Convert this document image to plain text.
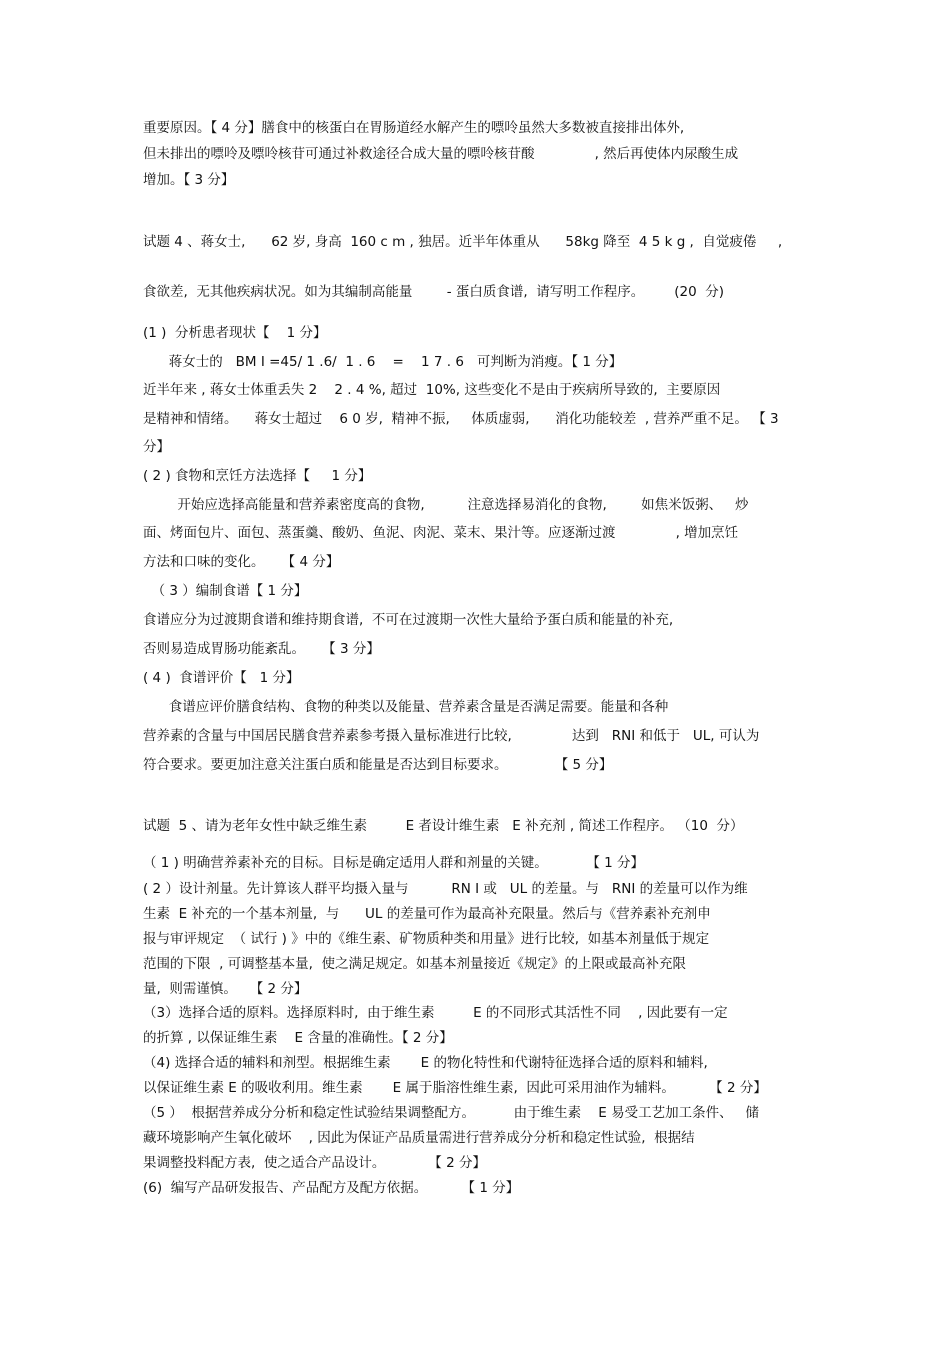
重要原因。【 4 分】膳食中的核蛋白在胃肠道经水解产生的嘌呤虽然大多数被直接排出体外,
但未排出的嘌呤及嘌呤核苷可通过补救途径合成大量的嘌呤核苷酸              , 然后再使体内尿酸生成
增加。【 3 分】
试题 4 、蒋女士,      62 岁, 身高  160 c m , 独居。近半年体重从      58kg 降至  4 5 k g ,  自觉疲倦     ,
食欲差,  无其他疾病状况。如为其编制高能量        - 蛋白质食谱,  请写明工作程序。       (20  分)
(1 )  分析患者现状【    1 分】
蒋女士的   BM I =45/ 1 .6/  1 . 6    =    1 7 . 6   可判断为消瘦。【 1 分】
近半年来 , 蒋女士体重丢失 2    2 . 4 %, 超过  10%, 这些变化不是由于疾病所导致的,  主要原因
是精神和情绪。    蒋女士超过    6 0 岁,  精神不振,     体质虚弱,      消化功能较差  , 营养严重不足。 【 3
分】
( 2 ) 食物和烹饪方法选择【     1 分】
开始应选择高能量和营养素密度高的食物,          注意选择易消化的食物,        如焦米饭粥、   炒
面、烤面包片、面包、蒸蛋羹、酸奶、鱼泥、肉泥、菜末、果汁等。应逐渐过渡              , 增加烹饪
方法和口味的变化。    【 4 分】
（ 3 ）编制食谱【 1 分】
食谱应分为过渡期食谱和维持期食谱,  不可在过渡期一次性大量给予蛋白质和能量的补充,
否则易造成胃肠功能紊乱。    【 3 分】
( 4 )  食谱评价【   1 分】
食谱应评价膳食结构、食物的种类以及能量、营养素含量是否满足需要。能量和各种
营养素的含量与中国居民膳食营养素参考摄入量标准进行比较,              达到   RNI 和低于   UL, 可认为
符合要求。要更加注意关注蛋白质和能量是否达到目标要求。           【 5 分】
试题  5 、请为老年女性中缺乏维生素         E 者设计维生素   E 补充剂 , 简述工作程序。 （10  分）
（ 1 ) 明确营养素补充的目标。目标是确定适用人群和剂量的关键。         【 1 分】
( 2 ）设计剂量。先计算该人群平均摄入量与          RN I 或   UL 的差量。与   RNI 的差量可以作为维
生素  E 补充的一个基本剂量,  与      UL 的差量可作为最高补充限量。然后与《营养素补充剂申
报与审评规定  （ 试行 ) 》中的《维生素、矿物质种类和用量》进行比较,  如基本剂量低于规定
范围的下限  , 可调整基本量,  使之满足规定。如基本剂量接近《规定》的上限或最高补充限
量,  则需谨慎。   【 2 分】
（3）选择合适的原料。选择原料时,  由于维生素         E 的不同形式其活性不同    , 因此要有一定
的折算 , 以保证维生素    E 含量的准确性。【 2 分】
（4) 选择合适的辅料和剂型。根据维生素       E 的物化特性和代谢特征选择合适的原料和辅料,
以保证维生素 E 的吸收利用。维生素       E 属于脂溶性维生素,  因此可采用油作为辅料。        【 2 分】
（5 ）  根据营养成分分析和稳定性试验结果调整配方。         由于维生素    E 易受工艺加工条件、   储
藏环境影响产生氧化破坏    , 因此为保证产品质量需进行营养成分分析和稳定性试验,  根据结
果调整投料配方表,  使之适合产品设计。          【 2 分】
(6)  编写产品研发报告、产品配方及配方依据。        【 1 分】
